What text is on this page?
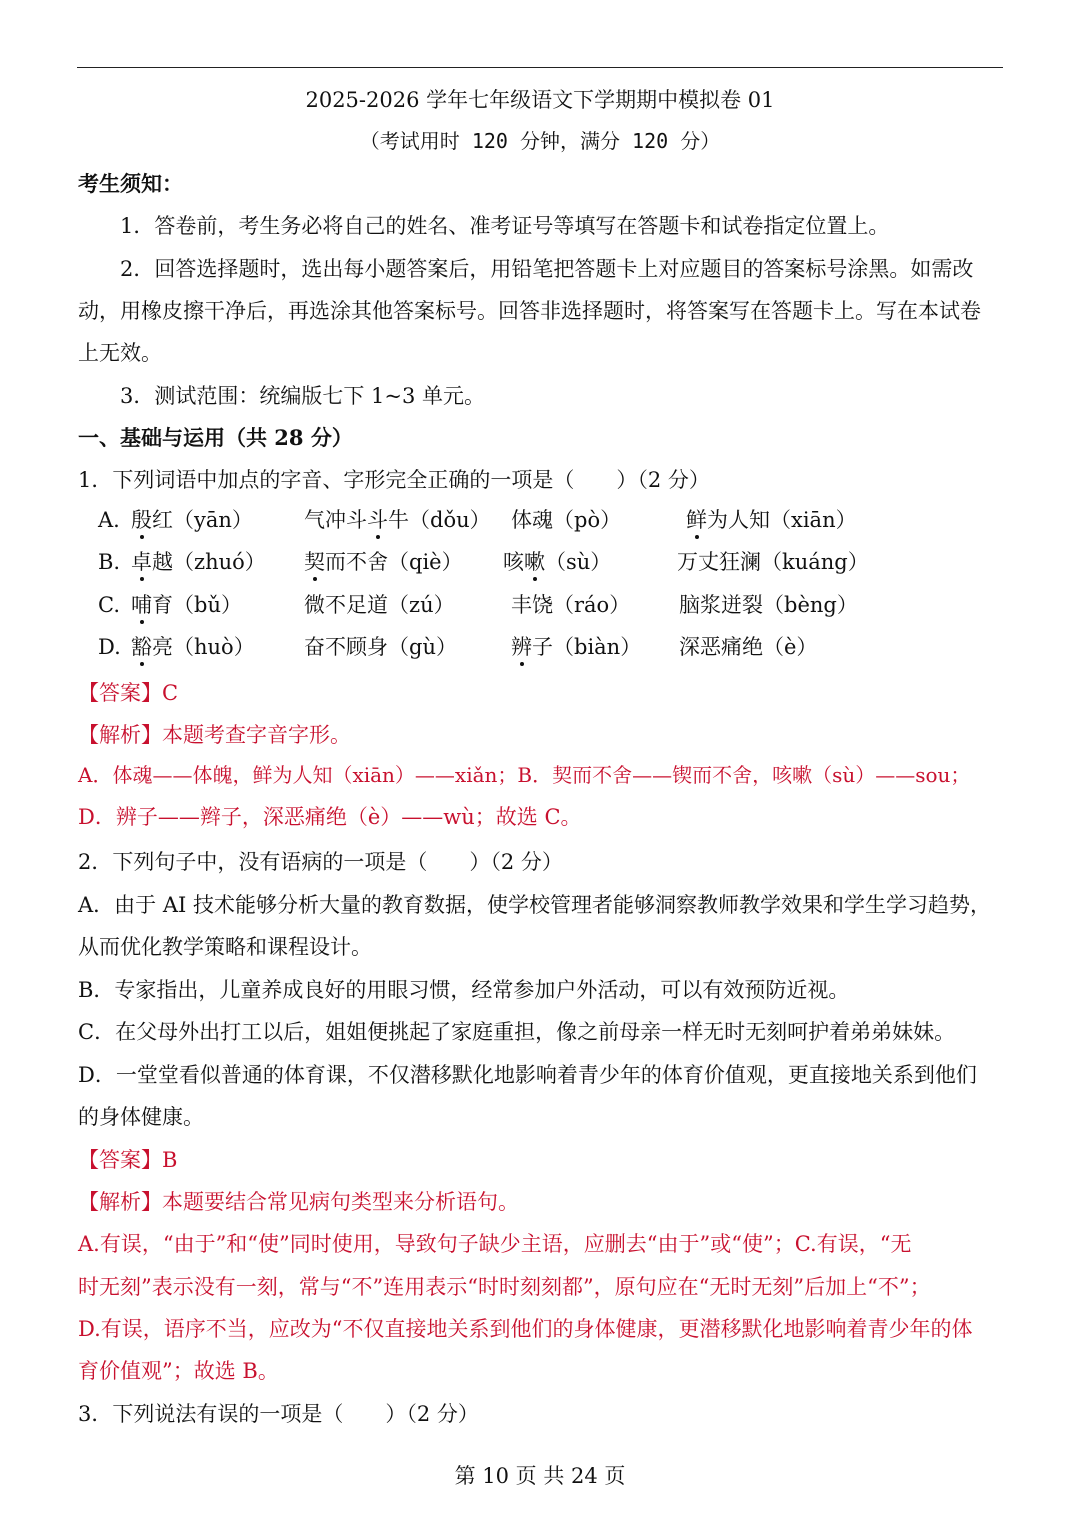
2025-2026 学年七年级语文下学期期中模拟卷 01
（考试用时 120 分钟，满分 120 分）
考生须知：
1．答卷前，考生务必将自己的姓名、准考证号等填写在答题卡和试卷指定位置上。
2．回答选择题时，选出每小题答案后，用铅笔把答题卡上对应题目的答案标号涂黑。如需改
动，用橡皮擦干净后，再选涂其他答案标号。回答非选择题时，将答案写在答题卡上。写在本试卷
上无效。
3．测试范围：统编版七下 1~3 单元。
一、基础与运用（共 28 分）
1．下列词语中加点的字音、字形完全正确的一项是（　　）（2 分）
A. 殷红（yān） 气冲斗斗牛（dǒu） 体魂（pò）	鲜为人知（xiān）
B. 卓越（zhuó） 契而不舍（qiè） 咳嗽（sù）	万丈狂澜（kuáng）
C. 哺育（bǔ）	微不足道（zú）	丰饶（ráo） 脑浆迸裂（bèng）
D. 豁亮（huò） 奋不顾身（gù）	辨子（biàn） 深恶痛绝（è）
【答案】C
【解析】本题考查字音字形。
A．体魂——体魄，鲜为人知（xiān）——xiǎn；B．契而不舍——锲而不舍，咳嗽（sù）——sou；
D．辨子——辫子，深恶痛绝（è）——wù；故选 C。
2．下列句子中，没有语病的一项是（　　）（2 分）
A．由于 AI 技术能够分析大量的教育数据，使学校管理者能够洞察教师教学效果和学生学习趋势，
从而优化教学策略和课程设计。
B．专家指出，儿童养成良好的用眼习惯，经常参加户外活动，可以有效预防近视。
C．在父母外出打工以后，姐姐便挑起了家庭重担，像之前母亲一样无时无刻呵护着弟弟妹妹。
D．一堂堂看似普通的体育课，不仅潜移默化地影响着青少年的体育价值观，更直接地关系到他们
的身体健康。
【答案】B
【解析】本题要结合常见病句类型来分析语句。
A.有误，“由于”和“使”同时使用，导致句子缺少主语，应删去“由于”或“使”；C.有误，“无
时无刻”表示没有一刻，常与“不”连用表示“时时刻刻都”，原句应在“无时无刻”后加上“不”；
D.有误，语序不当，应改为“不仅直接地关系到他们的身体健康，更潜移默化地影响着青少年的体
育价值观”；故选 B。
3．下列说法有误的一项是（　　）（2 分）
第 10 页 共 24 页
